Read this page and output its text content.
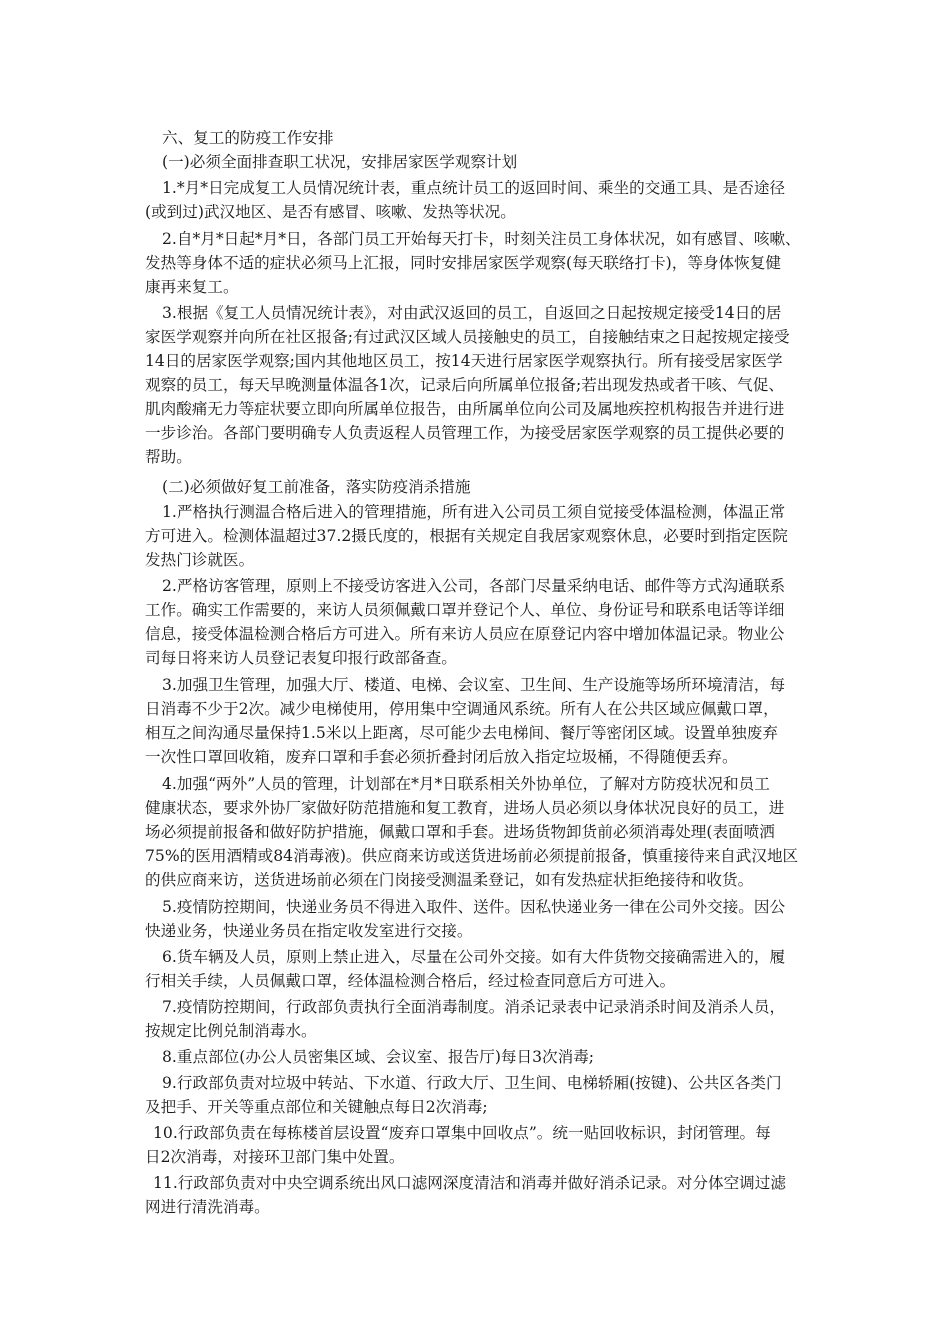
六、复工的防疫工作安排

(一)必须全面排查职工状况，安排居家医学观察计划

1.*月*日完成复工人员情况统计表，重点统计员工的返回时间、乘坐的交通工具、是否途径

(或到过)武汉地区、是否有感冒、咳嗽、发热等状况。

2.自*月*日起*月*日，各部门员工开始每天打卡，时刻关注员工身体状况，如有感冒、咳嗽、

发热等身体不适的症状必须马上汇报，同时安排居家医学观察(每天联络打卡)，等身体恢复健

康再来复工。

3.根据《复工人员情况统计表》，对由武汉返回的员工，自返回之日起按规定接受14日的居

家医学观察并向所在社区报备;有过武汉区域人员接触史的员工，自接触结束之日起按规定接受

14日的居家医学观察;国内其他地区员工，按14天进行居家医学观察执行。所有接受居家医学

观察的员工，每天早晚测量体温各1次，记录后向所属单位报备;若出现发热或者干咳、气促、

肌肉酸痛无力等症状要立即向所属单位报告，由所属单位向公司及属地疾控机构报告并进行进

一步诊治。各部门要明确专人负责返程人员管理工作，为接受居家医学观察的员工提供必要的

帮助。

(二)必须做好复工前准备，落实防疫消杀措施

1.严格执行测温合格后进入的管理措施，所有进入公司员工须自觉接受体温检测，体温正常

方可进入。检测体温超过37.2摄氏度的，根据有关规定自我居家观察休息，必要时到指定医院

发热门诊就医。

2.严格访客管理，原则上不接受访客进入公司，各部门尽量采纳电话、邮件等方式沟通联系

工作。确实工作需要的，来访人员须佩戴口罩并登记个人、单位、身份证号和联系电话等详细

信息，接受体温检测合格后方可进入。所有来访人员应在原登记内容中增加体温记录。物业公

司每日将来访人员登记表复印报行政部备查。

3.加强卫生管理，加强大厅、楼道、电梯、会议室、卫生间、生产设施等场所环境清洁，每

日消毒不少于2次。减少电梯使用，停用集中空调通风系统。所有人在公共区域应佩戴口罩，

相互之间沟通尽量保持1.5米以上距离，尽可能少去电梯间、餐厅等密闭区域。设置单独废弃

一次性口罩回收箱，废弃口罩和手套必须折叠封闭后放入指定垃圾桶，不得随便丢弃。

4.加强“两外”人员的管理，计划部在*月*日联系相关外协单位，了解对方防疫状况和员工

健康状态，要求外协厂家做好防范措施和复工教育，进场人员必须以身体状况良好的员工，进

场必须提前报备和做好防护措施，佩戴口罩和手套。进场货物卸货前必须消毒处理(表面喷洒

75%的医用酒精或84消毒液)。供应商来访或送货进场前必须提前报备，慎重接待来自武汉地区

的供应商来访，送货进场前必须在门岗接受测温柔登记，如有发热症状拒绝接待和收货。

5.疫情防控期间，快递业务员不得进入取件、送件。因私快递业务一律在公司外交接。因公

快递业务，快递业务员在指定收发室进行交接。

6.货车辆及人员，原则上禁止进入，尽量在公司外交接。如有大件货物交接确需进入的，履

行相关手续，人员佩戴口罩，经体温检测合格后，经过检查同意后方可进入。

7.疫情防控期间，行政部负责执行全面消毒制度。消杀记录表中记录消杀时间及消杀人员，

按规定比例兑制消毒水。

8.重点部位(办公人员密集区域、会议室、报告厅)每日3次消毒;

9.行政部负责对垃圾中转站、下水道、行政大厅、卫生间、电梯轿厢(按键)、公共区各类门

及把手、开关等重点部位和关键触点每日2次消毒;

10.行政部负责在每栋楼首层设置“废弃口罩集中回收点”。统一贴回收标识，封闭管理。每

日2次消毒，对接环卫部门集中处置。

11.行政部负责对中央空调系统出风口滤网深度清洁和消毒并做好消杀记录。对分体空调过滤

网进行清洗消毒。
